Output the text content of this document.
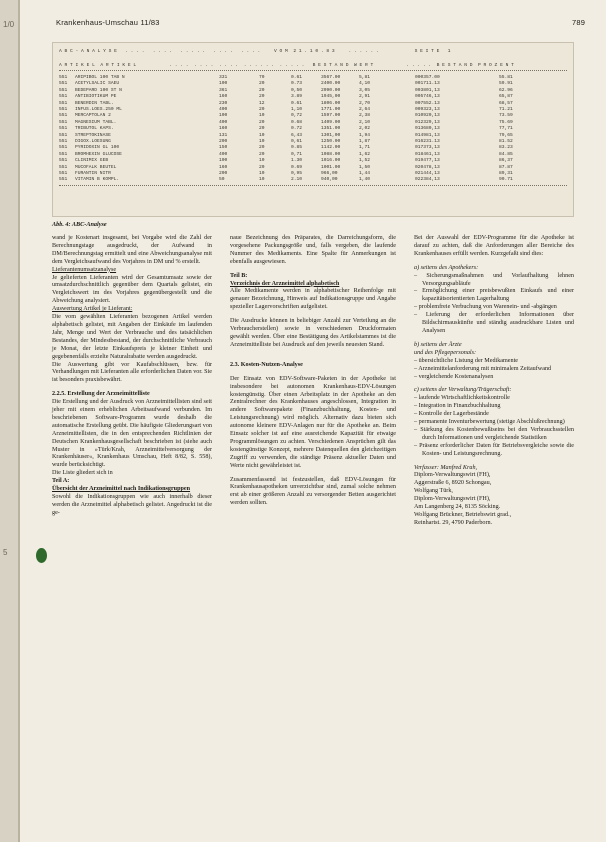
1/0
5
Krankenhaus-Umschau 11/83	789
A B C - A N A L Y S E   . . . .   . . . .   . . . . .   . . . .   . . . .     V O M  2 1 . 1 0 . 8 3     . . . . . .             S E I T E   1
A R T I K E L  A R T I K E L            . . . .  . . . .  . . . .  . . . . . .  . . . . .   B E S T A N D  W E R T            . . . . .  B E S T A N D  P R O Z E N T
551 ARIPIBOL 100 TAB N	331	70	0.61	3567.00	5,81	000357.00	55.81
551 ACETYLSALIC SAEU	100	20	0.73	2400.00	4,10	001711.13	59.91
551 BEDEPARD 100 ST N	361	20	0,50	2090.00	3,05	003801,13	62.96
551 ANTIBIOTIKUM PE	160	20	3.89	1945,00	2,91	005746,13	65,87
551 BENERDIN TABL.	230	12	0.61	1806.00	2,70	007552.13	68,57
551 INFUS.LOES.250 ML	400	20	1,10	1771.00	2,64	009323,13	71.21
551 MERCAPTOLAN 2	100	10	0,72	1597.00	2,38	010920,13	73.59
551 MAGNESIUM TABL.	400	20	0.68	1409.00	2,10	012329,13	75.69
551 TRIBUTOL KAPS.	160	20	0.72	1351.00	2,02	013680,13	77,71
551 STREPTOKINASE	131	10	6,43	1301,00	1,94	014981,13	79,65
551 DIGOX.LOESUNG	200	10	0,61	1250.00	1,87	016231.13	81.52
551 PYRIDOXIN GL 100	150	20	0.85	1142.00	1,71	017373,13	83.23
551 BROMHEXIN GLUCOSE	400	20	0,71	1088.00	1,62	018461,13	84.85
551 CLINIMIX GEB	100	10	1.30	1016.00	1,52	019477,13	86,37
551 MUCOFALK BEUTEL	160	20	0.69	1001.00	1,50	020478,13	87.87
551 FURANTIN NITR	200	10	0,95	966,00	1,44	021444,13	89,31
551 VITAMIN B KOMPL.	50	10	2.10	940,00	1,40	022384,13	90.71
Abb. 4: ABC-Analyse

wand je Kostenart insgesamt, bei Vorgabe wird die Zahl der Berechnungstage ausgedruckt, der Aufwand in DM/Berechnungstag ermittelt und eine Abweichungsanalyse mit dem Vergleichsaufwand des Vorjahres in DM und % erstellt.

Lieferantenumsatzanalyse

Je gelieferten Lieferanten wird der Gesamtumsatz sowie der umsatzdurchschnittlich gegenüber dem Quartals gelistet, ein Vergleichswert im des Vorjahres gegenübergestellt und die Abweichung analysiert.

Auswertung Artikel je Lieferant:

Die vom gewählten Lieferanten bezogenen Artikel werden alphabetisch gelistet, mit Angaben der Einkäufe im laufenden Jahr, Menge und Wert der Verbrauche und des tatsächlichen Bestandes, der Mindestbestand, der durchschnittliche Verbrauch je Monat, der letzte Einkaufspreis je kleiner Einheit und gegebenenfalls erzielte Naturalrabatte werden ausgedruckt.

Die Auswertung gibt vor Kaufabschlüssen, bzw. für Verhandlungen mit Lieferanten alle erforderlichen Daten vor. Sie ist besonders praxisbewährt.

2.2.5. Erstellung der Arzneimittelliste

Die Erstellung und der Ausdruck von Arzneimittellisten sind seit jeher mit einem erheblichen Arbeitsaufwand verbunden. Im beschriebenen Software-Programm wurde deshalb die automatische Erstellung geübt. Die häufigste Gliederungsart von Arzneimittellisten, die in den entsprechenden Richtlinien der Deutschen Krankenhausgesellschaft beschrieben ist (siehe auch Muster in »Türk/Krah, Arzneimittelversorgung der Krankenhäuser«, Krankenhaus Umschau, Heft 8/82, S. 558), wurde berücksichtigt.

Die Liste gliedert sich in

Teil A:

Übersicht der Arzneimittel nach Indikationsgruppen

Sowohl die Indikationsgruppen wie auch innerhalb dieser werden die Arzneimittel alphabetisch gelistet. Angedruckt ist die ge-

naue Bezeichnung des Präparates, die Darreichungsform, die vorgesehene Packungsgröße und, falls vergeben, die laufende Nummer des Medikaments. Eine Spalte für Anmerkungen ist ebenfalls ausgewiesen.

Teil B:

Verzeichnis der Arzneimittel alphabetisch

Alle Medikamente werden in alphabetischer Reihenfolge mit genauer Bezeichnung, Hinweis auf Indikationsgruppe und Angabe spezieller Lagervorschriften aufgelistet.

Die Ausdrucke können in beliebiger Anzahl zur Verteilung an die Verbraucherstellen) sowie in verschiedenen Druckformaten gewählt werden. Über eine Bestätigung des Artikelstammes ist die Arzneimittelliste bei Ausdruck auf den jeweils neuesten Stand.

2.3. Kosten-Nutzen-Analyse

Der Einsatz von EDV-Software-Paketen in der Apotheke ist insbesondere bei autonomen Krankenhaus-EDV-Lösungen kostengünstig. Über einen Arbeitsplatz in der Apotheke an den Zentralrechner des Krankenhauses angeschlossen, Integration in andere Softwarepakete (Finanzbuchhaltung, Kosten- und Leistungsrechnung) wird möglich. Alternativ dazu bieten sich autonome kleinere EDV-Anlagen nur für die Apotheke an. Beim Einsatz solcher ist auf eine ausreichende Kapazität für etwaige Programmlösungen zu achten. Verschiedenen Ansprüchen gilt das kostengünstige Konzept, mehrere Datenquellen den gleichzeitigen Zugriff zu verwenden, die ständige Präsenz aktueller Daten und Werte nicht gewährleistet ist.

Zusammenfassend ist festzustellen, daß EDV-Lösungen für Krankenhausapotheken unverzichtbar sind, zumal solche nehmen erst ab einer größeren Anzahl zu versorgender Betten ausgerichtet werden sollten.

Bei der Auswahl der EDV-Programme für die Apotheke ist darauf zu achten, daß die Anforderungen aller Bereiche des Krankenhauses erfüllt werden. Kurzgefaßt sind dies:

a) seitens des Apothekers:

– Sicherungsmaßnahmen und Vorlaufhaltung lehnen Versorgungsabläufe

– Ermöglichung einer preisbewußten Einkaufs und einer kapazitätsorientierten Lagerhaltung

– problemfreie Verbuchung von Warenein- und -abgängen

– Lieferung der erforderlichen Informationen über Bildschirmauskünfte und ständig ausdruckbare Listen und Analysen

b) seitens der Ärzte

und des Pflegepersonals:

– übersichtliche Listung der Medikamente

– Arzneimittelanforderung mit minimalem Zeitaufwand

– vergleichende Kostenanalysen

c) seitens der Verwaltung/Trägerschaft:

– laufende Wirtschaftlichkeitskontrolle

– Integration in Finanzbuchhaltung

– Kontrolle der Lagerbestände

– permanente Inventurbewertung (stetige Abschlußrechnung)

– Stärkung des Kostenbewußtseins bei den Verbrauchsstellen durch Informationen und vergleichende Statistiken

– Präsenz erforderlicher Daten für Betriebsvergleiche sowie die Kosten- und Leistungsrechnung.

Verfasser: Manfred Krah,

Diplom-Verwaltungswirt (FH),

Aggerstraße 6, 8920 Schongau,

Wolfgang Türk,

Diplom-Verwaltungswirt (FH),

Am Langenberg 24, 8135 Söcking.

Wolfgang Brückner, Betriebswirt grad.,

Reinhartst. 29, 4790 Paderborn.
